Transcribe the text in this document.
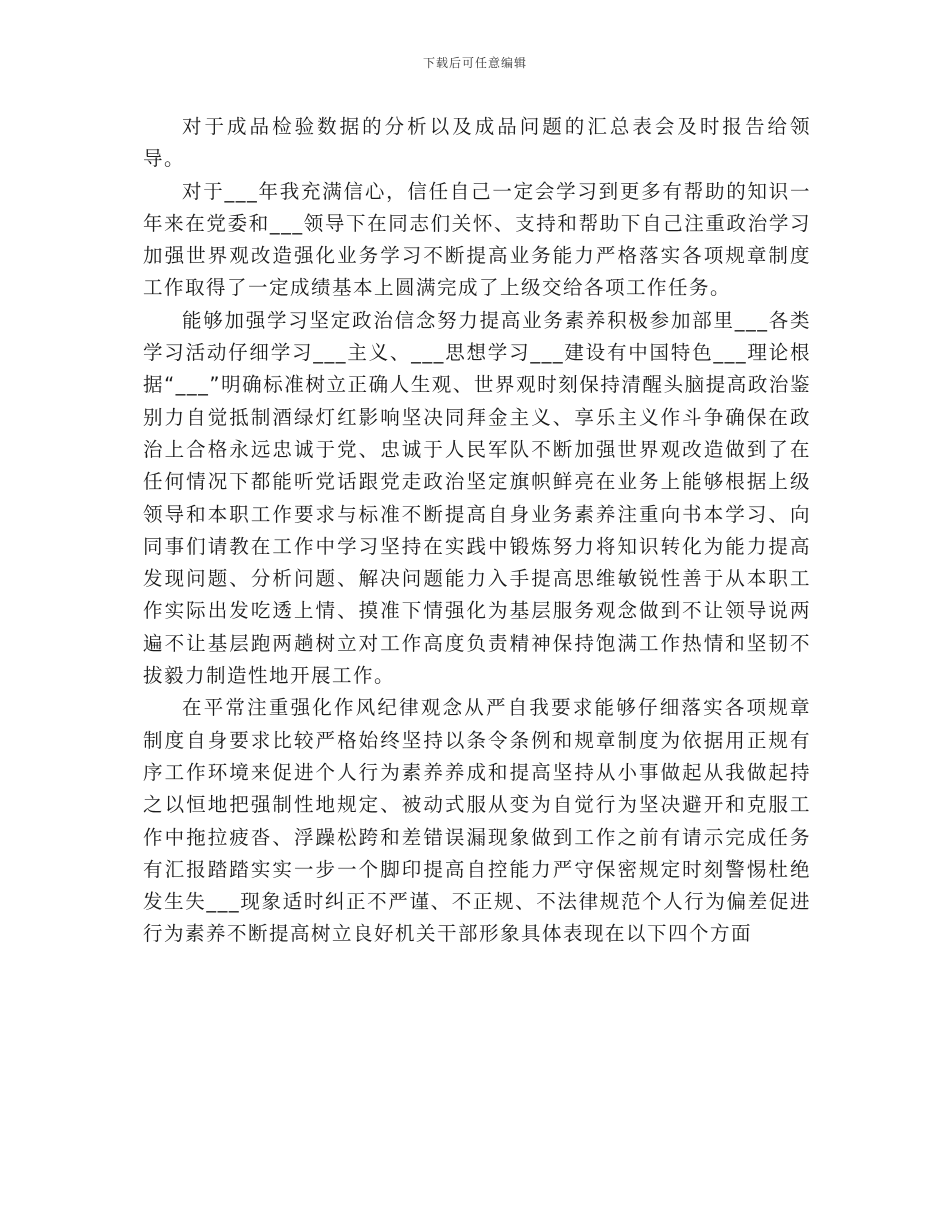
下载后可任意编辑

对于成品检验数据的分析以及成品问题的汇总表会及时报告给领导。

对于___年我充满信心，信任自己一定会学习到更多有帮助的知识一年来在党委和___领导下在同志们关怀、支持和帮助下自己注重政治学习加强世界观改造强化业务学习不断提高业务能力严格落实各项规章制度工作取得了一定成绩基本上圆满完成了上级交给各项工作任务。

能够加强学习坚定政治信念努力提高业务素养积极参加部里___各类学习活动仔细学习___主义、___思想学习___建设有中国特色___理论根据“___”明确标准树立正确人生观、世界观时刻保持清醒头脑提高政治鉴别力自觉抵制酒绿灯红影响坚决同拜金主义、享乐主义作斗争确保在政治上合格永远忠诚于党、忠诚于人民军队不断加强世界观改造做到了在任何情况下都能听党话跟党走政治坚定旗帜鲜亮在业务上能够根据上级领导和本职工作要求与标准不断提高自身业务素养注重向书本学习、向同事们请教在工作中学习坚持在实践中锻炼努力将知识转化为能力提高发现问题、分析问题、解决问题能力入手提高思维敏锐性善于从本职工作实际出发吃透上情、摸准下情强化为基层服务观念做到不让领导说两遍不让基层跑两趟树立对工作高度负责精神保持饱满工作热情和坚韧不拔毅力制造性地开展工作。

在平常注重强化作风纪律观念从严自我要求能够仔细落实各项规章制度自身要求比较严格始终坚持以条令条例和规章制度为依据用正规有序工作环境来促进个人行为素养养成和提高坚持从小事做起从我做起持之以恒地把强制性地规定、被动式服从变为自觉行为坚决避开和克服工作中拖拉疲沓、浮躁松跨和差错误漏现象做到工作之前有请示完成任务有汇报踏踏实实一步一个脚印提高自控能力严守保密规定时刻警惕杜绝发生失___现象适时纠正不严谨、不正规、不法律规范个人行为偏差促进行为素养不断提高树立良好机关干部形象具体表现在以下四个方面
